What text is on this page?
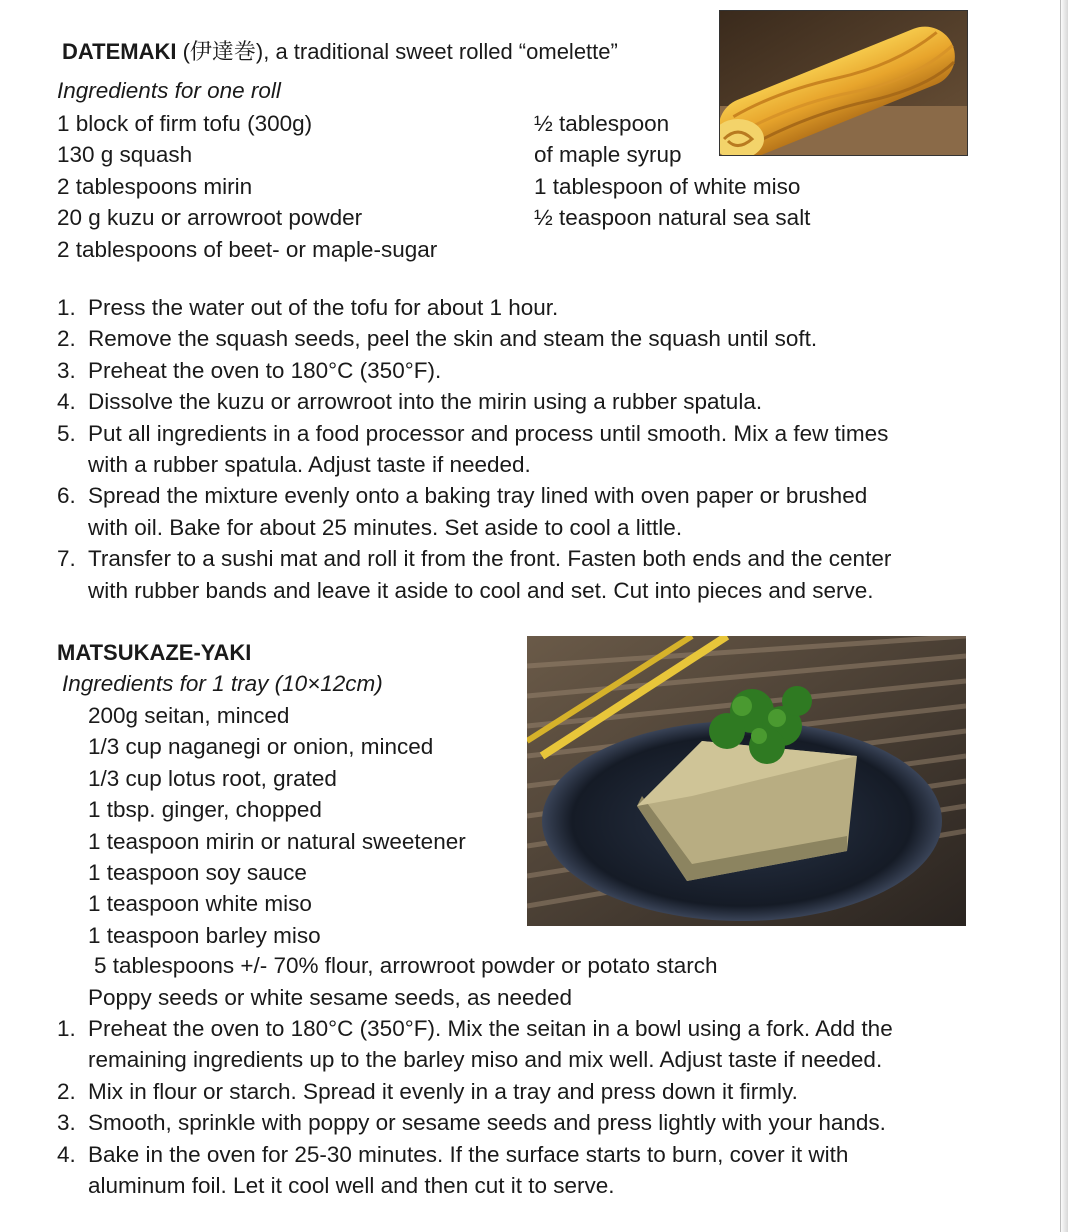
DATEMAKI (伊達巻), a traditional sweet rolled “omelette”
Ingredients for one roll
1 block of firm tofu (300g)
130 g squash
2 tablespoons mirin
20 g kuzu or arrowroot powder
2 tablespoons of beet- or maple-sugar
½ tablespoon
of maple syrup
1 tablespoon of white miso
½ teaspoon natural sea salt
1. Press the water out of the tofu for about 1 hour.
2. Remove the squash seeds, peel the skin and steam the squash until soft.
3. Preheat the oven to 180°C (350°F).
4. Dissolve the kuzu or arrowroot into the mirin using a rubber spatula.
5. Put all ingredients in a food processor and process until smooth. Mix a few times
with a rubber spatula. Adjust taste if needed.
6. Spread the mixture evenly onto a baking tray lined with oven paper or brushed
with oil. Bake for about 25 minutes. Set aside to cool a little.
7. Transfer to a sushi mat and roll it from the front. Fasten both ends and the center
with rubber bands and leave it aside to cool and set. Cut into pieces and serve.
MATSUKAZE-YAKI
Ingredients for 1 tray (10×12cm)
200g seitan, minced
1/3 cup naganegi or onion, minced
1/3 cup lotus root, grated
1 tbsp. ginger, chopped
1 teaspoon mirin or natural sweetener
1 teaspoon soy sauce
1 teaspoon white miso
1 teaspoon barley miso
5 tablespoons +/- 70% flour, arrowroot powder or potato starch
Poppy seeds or white sesame seeds, as needed
1. Preheat the oven to 180°C (350°F). Mix the seitan in a bowl using a fork. Add the
remaining ingredients up to the barley miso and mix well. Adjust taste if needed.
2. Mix in flour or starch. Spread it evenly in a tray and press down it firmly.
3. Smooth, sprinkle with poppy or sesame seeds and press lightly with your hands.
4. Bake in the oven for 25-30 minutes. If the surface starts to burn, cover it with
aluminum foil. Let it cool well and then cut it to serve.
